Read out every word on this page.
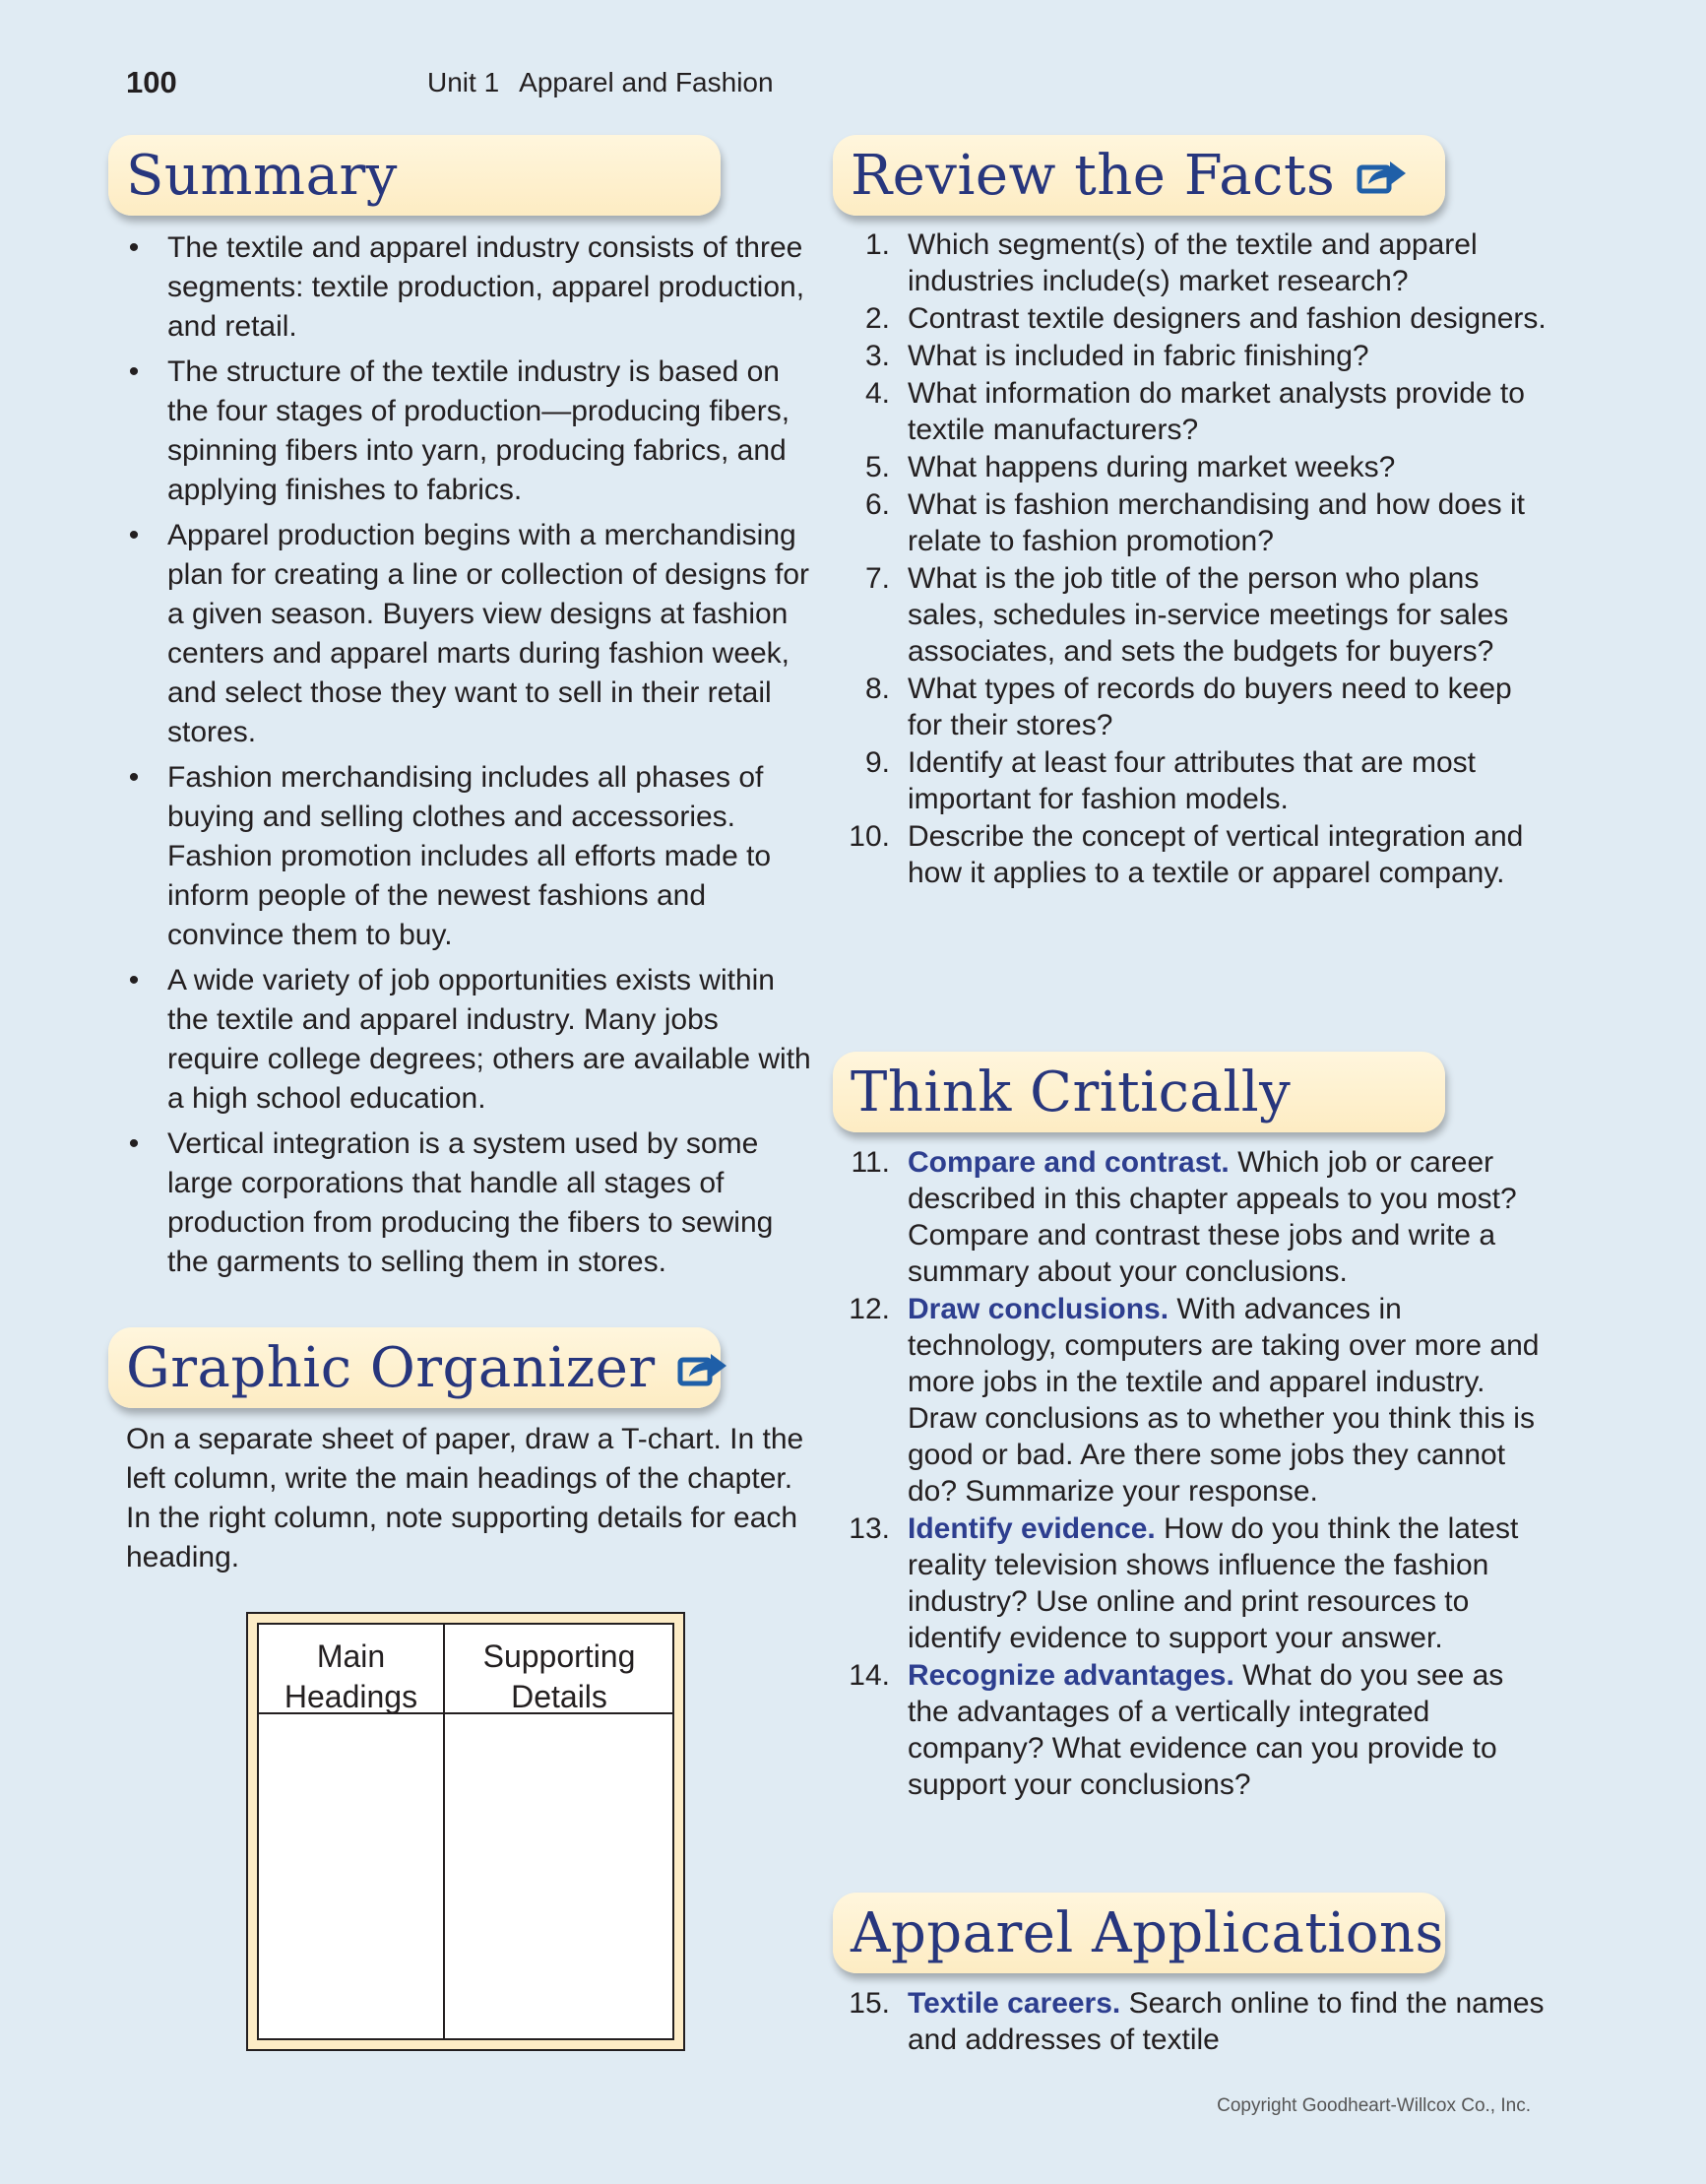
100	Unit 1 Apparel and Fashion
Summary
• The textile and apparel industry consists of three segments: textile production, apparel production, and retail.
• The structure of the textile industry is based on the four stages of production—producing fibers, spinning fibers into yarn, producing fabrics, and applying finishes to fabrics.
• Apparel production begins with a merchandising plan for creating a line or collection of designs for a given season. Buyers view designs at fashion centers and apparel marts during fashion week, and select those they want to sell in their retail stores.
• Fashion merchandising includes all phases of buying and selling clothes and accessories. Fashion promotion includes all efforts made to inform people of the newest fashions and convince them to buy.
• A wide variety of job opportunities exists within the textile and apparel industry. Many jobs require college degrees; others are available with a high school education.
• Vertical integration is a system used by some large corporations that handle all stages of production from producing the fibers to sewing the garments to selling them in stores.
Graphic Organizer
On a separate sheet of paper, draw a T-chart. In the left column, write the main headings of the chapter. In the right column, note supporting details for each heading.
Main Headings
Supporting Details
Review the Facts
1. Which segment(s) of the textile and apparel industries include(s) market research?
2. Contrast textile designers and fashion designers.
3. What is included in fabric finishing?
4. What information do market analysts provide to textile manufacturers?
5. What happens during market weeks?
6. What is fashion merchandising and how does it relate to fashion promotion?
7. What is the job title of the person who plans sales, schedules in-service meetings for sales associates, and sets the budgets for buyers?
8. What types of records do buyers need to keep for their stores?
9. Identify at least four attributes that are most important for fashion models.
10. Describe the concept of vertical integration and how it applies to a textile or apparel company.
Think Critically
11. Compare and contrast. Which job or career described in this chapter appeals to you most? Compare and contrast these jobs and write a summary about your conclusions.
12. Draw conclusions. With advances in technology, computers are taking over more and more jobs in the textile and apparel industry. Draw conclusions as to whether you think this is good or bad. Are there some jobs they cannot do? Summarize your response.
13. Identify evidence. How do you think the latest reality television shows influence the fashion industry? Use online and print resources to identify evidence to support your answer.
14. Recognize advantages. What do you see as the advantages of a vertically integrated company? What evidence can you provide to support your conclusions?
Apparel Applications
15. Textile careers. Search online to find the names and addresses of textile
Copyright Goodheart-Willcox Co., Inc.
